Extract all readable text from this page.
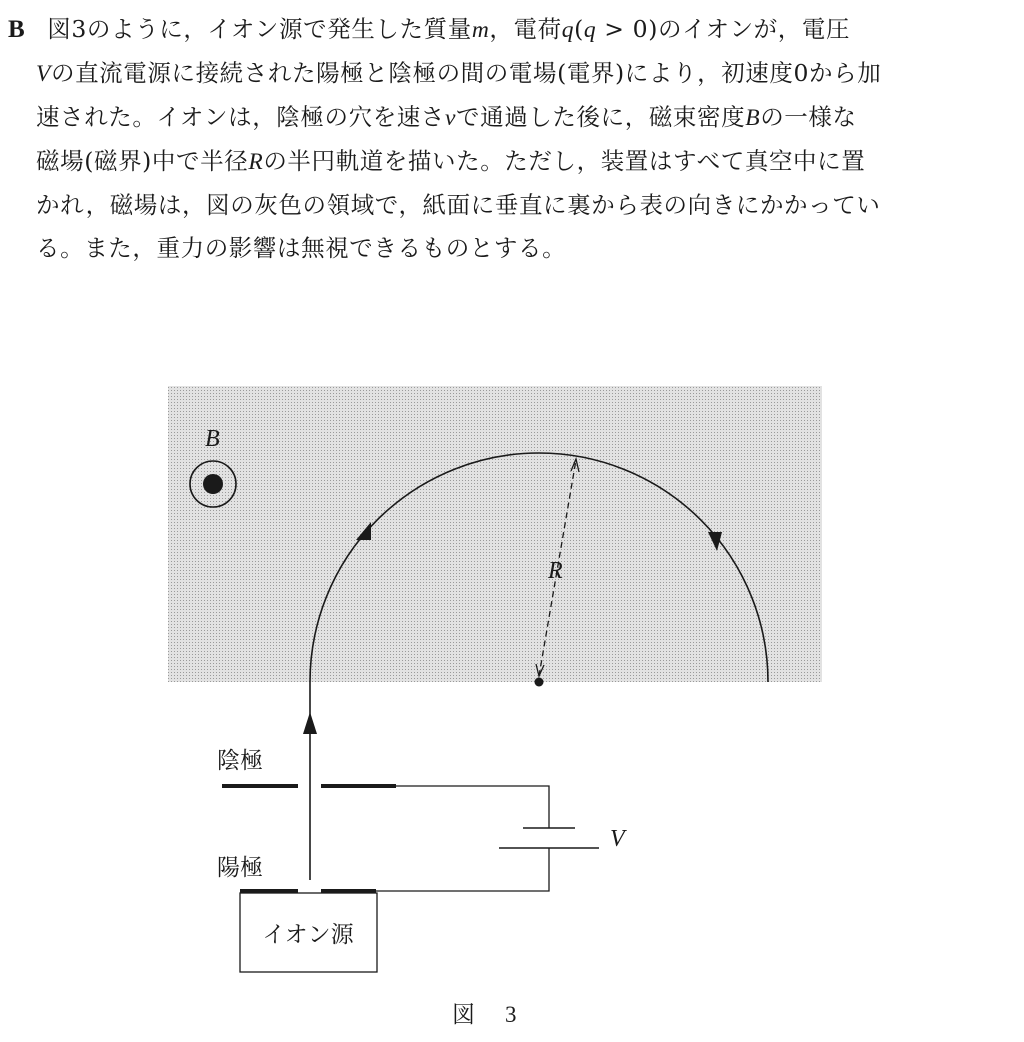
B 図3のように，イオン源で発生した質量m，電荷q(q > 0)のイオンが，電圧
Vの直流電源に接続された陽極と陰極の間の電場(電界)により，初速度0から加
速された。イオンは，陰極の穴を速さvで通過した後に，磁束密度Bの一様な
磁場(磁界)中で半径Rの半円軌道を描いた。ただし，装置はすべて真空中に置
かれ，磁場は，図の灰色の領域で，紙面に垂直に裏から表の向きにかかってい
る。また，重力の影響は無視できるものとする。
B
R
陰極
陽極
V
イオン源
図 3
